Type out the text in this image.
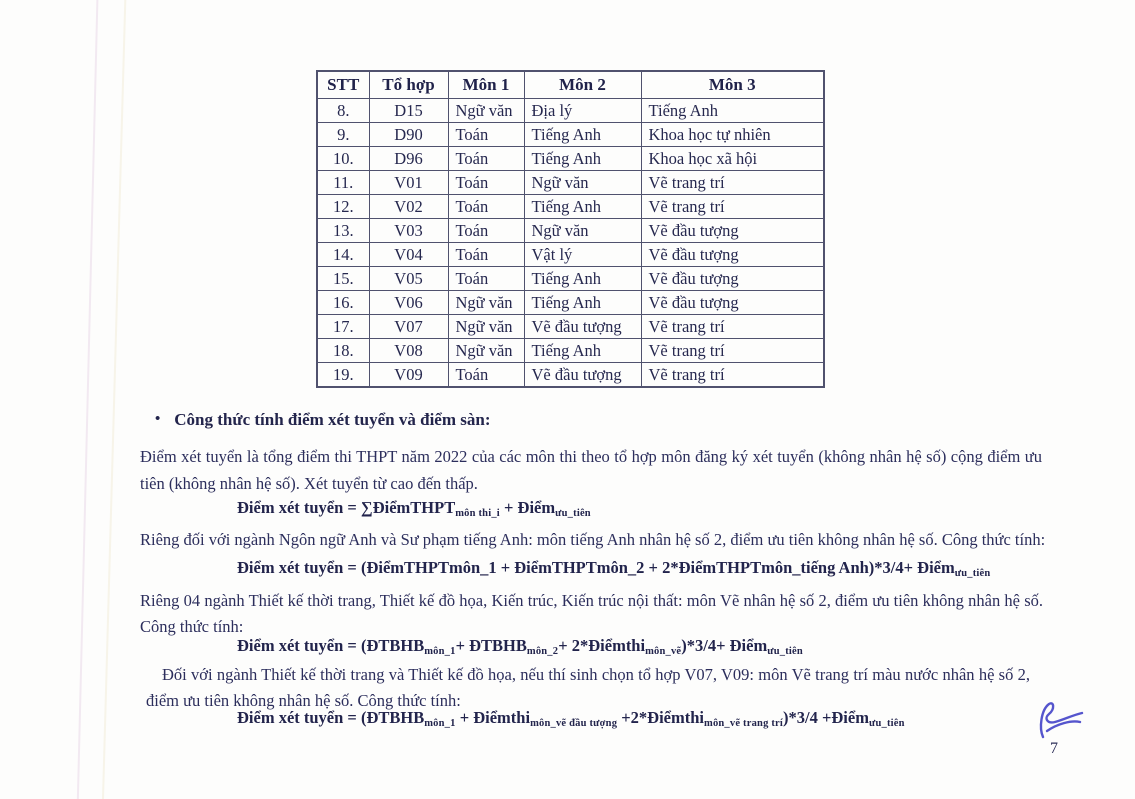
STT	Tổ hợp	Môn 1	Môn 2	Môn 3
8.	D15	Ngữ văn	Địa lý	Tiếng Anh
9.	D90	Toán	Tiếng Anh	Khoa học tự nhiên
10.	D96	Toán	Tiếng Anh	Khoa học xã hội
11.	V01	Toán	Ngữ văn	Vẽ trang trí
12.	V02	Toán	Tiếng Anh	Vẽ trang trí
13.	V03	Toán	Ngữ văn	Vẽ đầu tượng
14.	V04	Toán	Vật lý	Vẽ đầu tượng
15.	V05	Toán	Tiếng Anh	Vẽ đầu tượng
16.	V06	Ngữ văn	Tiếng Anh	Vẽ đầu tượng
17.	V07	Ngữ văn	Vẽ đầu tượng	Vẽ trang trí
18.	V08	Ngữ văn	Tiếng Anh	Vẽ trang trí
19.	V09	Toán	Vẽ đầu tượng	Vẽ trang trí
• Công thức tính điểm xét tuyển và điểm sàn:
Điểm xét tuyển là tổng điểm thi THPT năm 2022 của các môn thi theo tổ hợp môn đăng ký xét tuyển (không nhân hệ số) cộng điểm ưu tiên (không nhân hệ số). Xét tuyển từ cao đến thấp.
Điểm xét tuyển = ∑ĐiểmTHPTmôn thi_i + Điểmưu_tiên
Riêng đối với ngành Ngôn ngữ Anh và Sư phạm tiếng Anh: môn tiếng Anh nhân hệ số 2, điểm ưu tiên không nhân hệ số. Công thức tính:
Điểm xét tuyển = (ĐiểmTHPTmôn_1 + ĐiểmTHPTmôn_2 + 2*ĐiểmTHPTmôn_tiếng Anh)*3/4+ Điểmưu_tiên
Riêng 04 ngành Thiết kế thời trang, Thiết kế đồ họa, Kiến trúc, Kiến trúc nội thất: môn Vẽ nhân hệ số 2, điểm ưu tiên không nhân hệ số. Công thức tính:
Điểm xét tuyển = (ĐTBHBmôn_1+ ĐTBHBmôn_2+ 2*Điểmthimôn_vẽ)*3/4+ Điểmưu_tiên
Đối với ngành Thiết kế thời trang và Thiết kế đồ họa, nếu thí sinh chọn tổ hợp V07, V09: môn Vẽ trang trí màu nước nhân hệ số 2, điểm ưu tiên không nhân hệ số. Công thức tính:
Điểm xét tuyển = (ĐTBHBmôn_1 + Điểmthimôn_vẽ đầu tượng +2*Điểmthimôn_vẽ trang trí)*3/4 +Điểmưu_tiên
7
